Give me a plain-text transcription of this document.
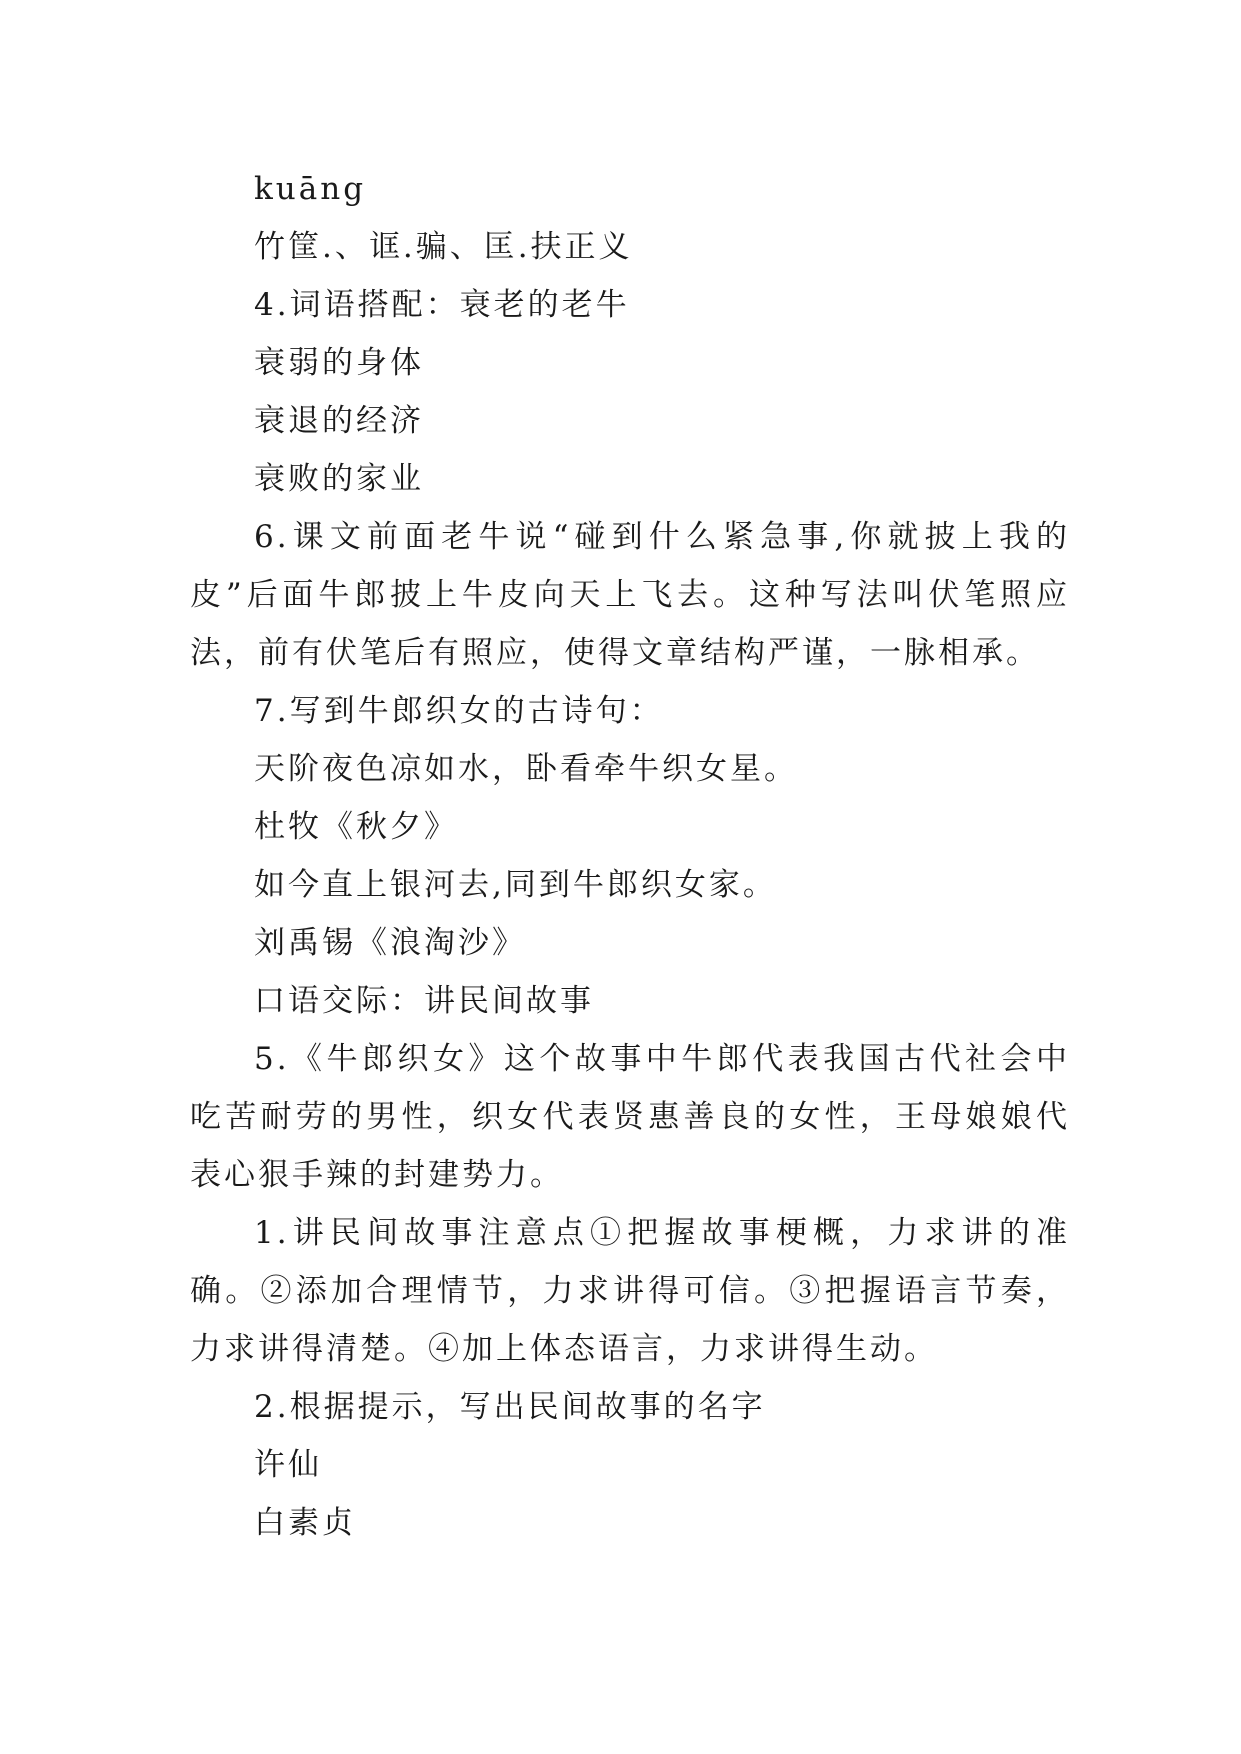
kuāng

竹筐.、诓.骗、匡.扶正义

4.词语搭配：衰老的老牛

衰弱的身体

衰退的经济

衰败的家业

6.课文前面老牛说“碰到什么紧急事,你就披上我的皮”后面牛郎披上牛皮向天上飞去。这种写法叫伏笔照应法，前有伏笔后有照应，使得文章结构严谨，一脉相承。

7.写到牛郎织女的古诗句：

天阶夜色凉如水，卧看牵牛织女星。

杜牧《秋夕》

如今直上银河去,同到牛郎织女家。

刘禹锡《浪淘沙》

口语交际：讲民间故事

5.《牛郎织女》这个故事中牛郎代表我国古代社会中吃苦耐劳的男性，织女代表贤惠善良的女性，王母娘娘代表心狠手辣的封建势力。

1.讲民间故事注意点①把握故事梗概，力求讲的准确。②添加合理情节，力求讲得可信。③把握语言节奏，力求讲得清楚。④加上体态语言，力求讲得生动。

2.根据提示，写出民间故事的名字

许仙

白素贞
